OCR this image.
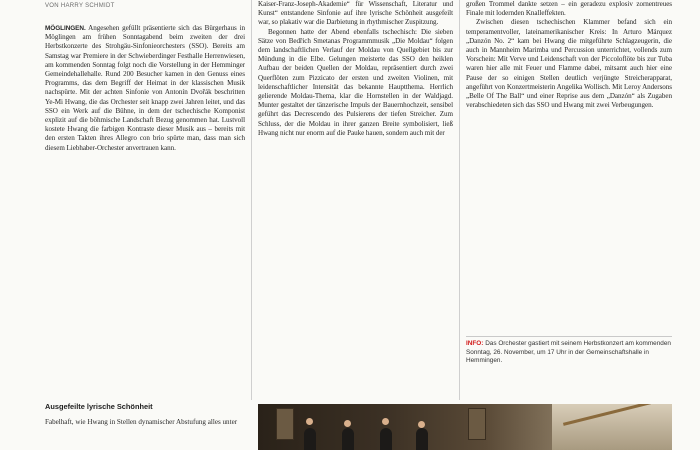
VON HARRY SCHMIDT

MÖGLINGEN. Angesehen gefüllt präsentierte sich das Bürgerhaus in Möglingen am frühen Sonntagabend beim zweiten der drei Herbstkonzerte des Strohgäu-Sinfonieorchesters (SSO). Bereits am Samstag war Premiere in der Schwieberdinger Festhalle Herrenwiesen, am kommenden Sonntag folgt noch die Vorstellung in der Hemminger Gemeindehallehalle. Rund 200 Besucher kamen in den Genuss eines Programms, das dem Begriff der Heimat in der klassischen Musik nachspürte. Mit der achten Sinfonie von Antonín Dvořák beschritten Ye-Mi Hwang, die das Orchester seit knapp zwei Jahren leitet, und das SSO ein Werk auf die Bühne, in dem der tschechische Komponist explizit auf die böhmische Landschaft Bezug genommen hat. Lustvoll kostete Hwang die farbigen Kontraste dieser Musik aus – bereits mit den ersten Takten ihres Allegro con brio spürte man, dass man sich diesem Liebhaber-Orchester anvertrauen kann.

Ausgefeilte lyrische Schönheit
Fabelhaft, wie Hwang in Stellen dynamischer Abstufung alles unter

Kaiser-Franz-Joseph-Akademie“ für Wissenschaft, Literatur und Kunst“ entstandene Sinfonie auf ihre lyrische Schönheit ausgefeilt war, so plakativ war die Darbietung in rhythmischer Zuspitzung.

Begonnen hatte der Abend ebenfalls tschechisch: Die sieben Sätze von Bedřich Smetanas Programmmusik „Die Moldau“ folgen dem landschaftlichen Verlauf der Moldau von Quellgebiet bis zur Mündung in die Elbe. Gelungen meisterte das SSO den heiklen Aufbau der beiden Quellen der Moldau, repräsentiert durch zwei Querflöten zum Pizzicato der ersten und zweiten Violinen, mit leidenschaftlicher Intensität das bekannte Hauptthema. Herrlich gelierende Moldau-Thema, klar die Hornstellen in der Waldjagd. Munter gestaltet der tänzerische Impuls der Bauernhochzeit, sensibel geführt das Decrescendo des Pulsierens der tiefen Streicher. Zum Schluss, der die Moldau in ihrer ganzen Breite symbolisiert, ließ Hwang nicht nur enorm auf die Pauke hauen, sondern auch mit der

großen Trommel dankte setzen – ein geradezu explosiv zornentreues Finale mit lodernden Knalleffekten.

Zwischen diesen tschechischen Klammer befand sich ein temperamentvoller, lateinamerikanischer Kreis: In Arturo Márquez „Danzón No. 2“ kam bei Hwang die mitgeführte Schlagzeugerin, die auch in Mannheim Marimba und Percussion unterrichtet, vollends zum Vorschein: Mit Verve und Leidenschaft von der Piccoloflöte bis zur Tuba waren hier alle mit Feuer und Flamme dabei, mitsamt auch hier eine Pause der so einigen Stellen deutlich verjüngte Streicherapparat, angeführt von Konzertmeisterin Angelika Wollisch. Mit Leroy Andersons „Belle Of The Ball“ und einer Reprise aus dem „Danzón“ als Zugaben verabschiedeten sich das SSO und Hwang mit zwei Verbeugungen.

INFO: Das Orchester gastiert mit seinem Herbstkonzert am kommenden Sonntag, 26. November, um 17 Uhr in der Gemeinschaftshalle in Hemmingen.
